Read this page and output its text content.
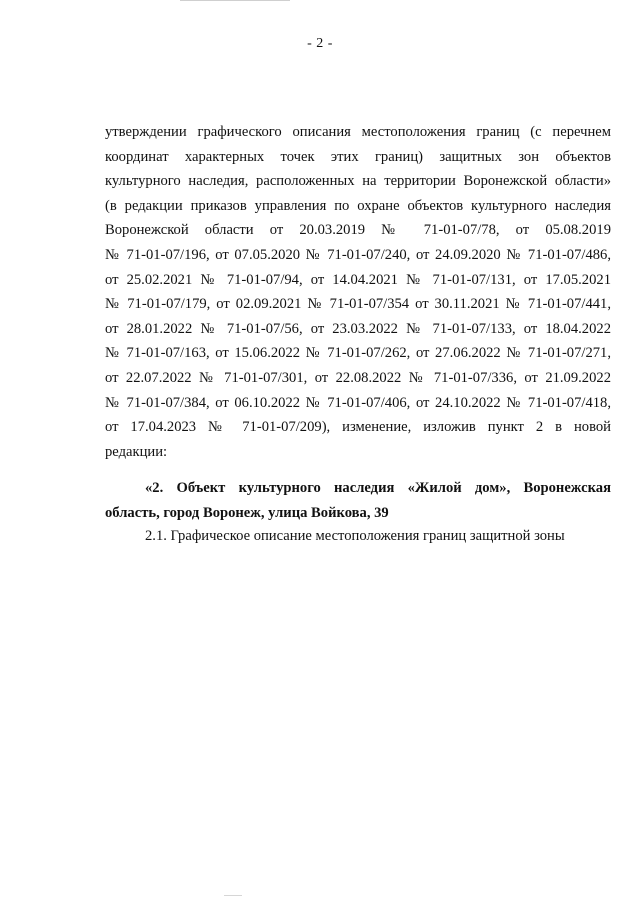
- 2 -
утверждении графического описания местоположения границ (с перечнем
координат характерных точек этих границ) защитных зон объектов
культурного наследия, расположенных на территории Воронежской области»
(в редакции приказов управления по охране объектов культурного наследия
Воронежской области от 20.03.2019 № 71-01-07/78, от 05.08.2019
№ 71-01-07/196, от 07.05.2020 № 71-01-07/240, от 24.09.2020 № 71-01-07/486,
от 25.02.2021 № 71-01-07/94, от 14.04.2021 № 71-01-07/131, от 17.05.2021
№ 71-01-07/179, от 02.09.2021 № 71-01-07/354 от 30.11.2021 № 71-01-07/441,
от 28.01.2022 № 71-01-07/56, от 23.03.2022 № 71-01-07/133, от 18.04.2022
№ 71-01-07/163, от 15.06.2022 № 71-01-07/262, от 27.06.2022 № 71-01-07/271,
от 22.07.2022 № 71-01-07/301, от 22.08.2022 № 71-01-07/336, от 21.09.2022
№ 71-01-07/384, от 06.10.2022 № 71-01-07/406, от 24.10.2022 № 71-01-07/418,
от 17.04.2023 № 71-01-07/209), изменение, изложив пункт 2 в новой
редакции:
«2. Объект культурного наследия «Жилой дом», Воронежская
область, город Воронеж, улица Войкова, 39
2.1. Графическое описание местоположения границ защитной зоны
